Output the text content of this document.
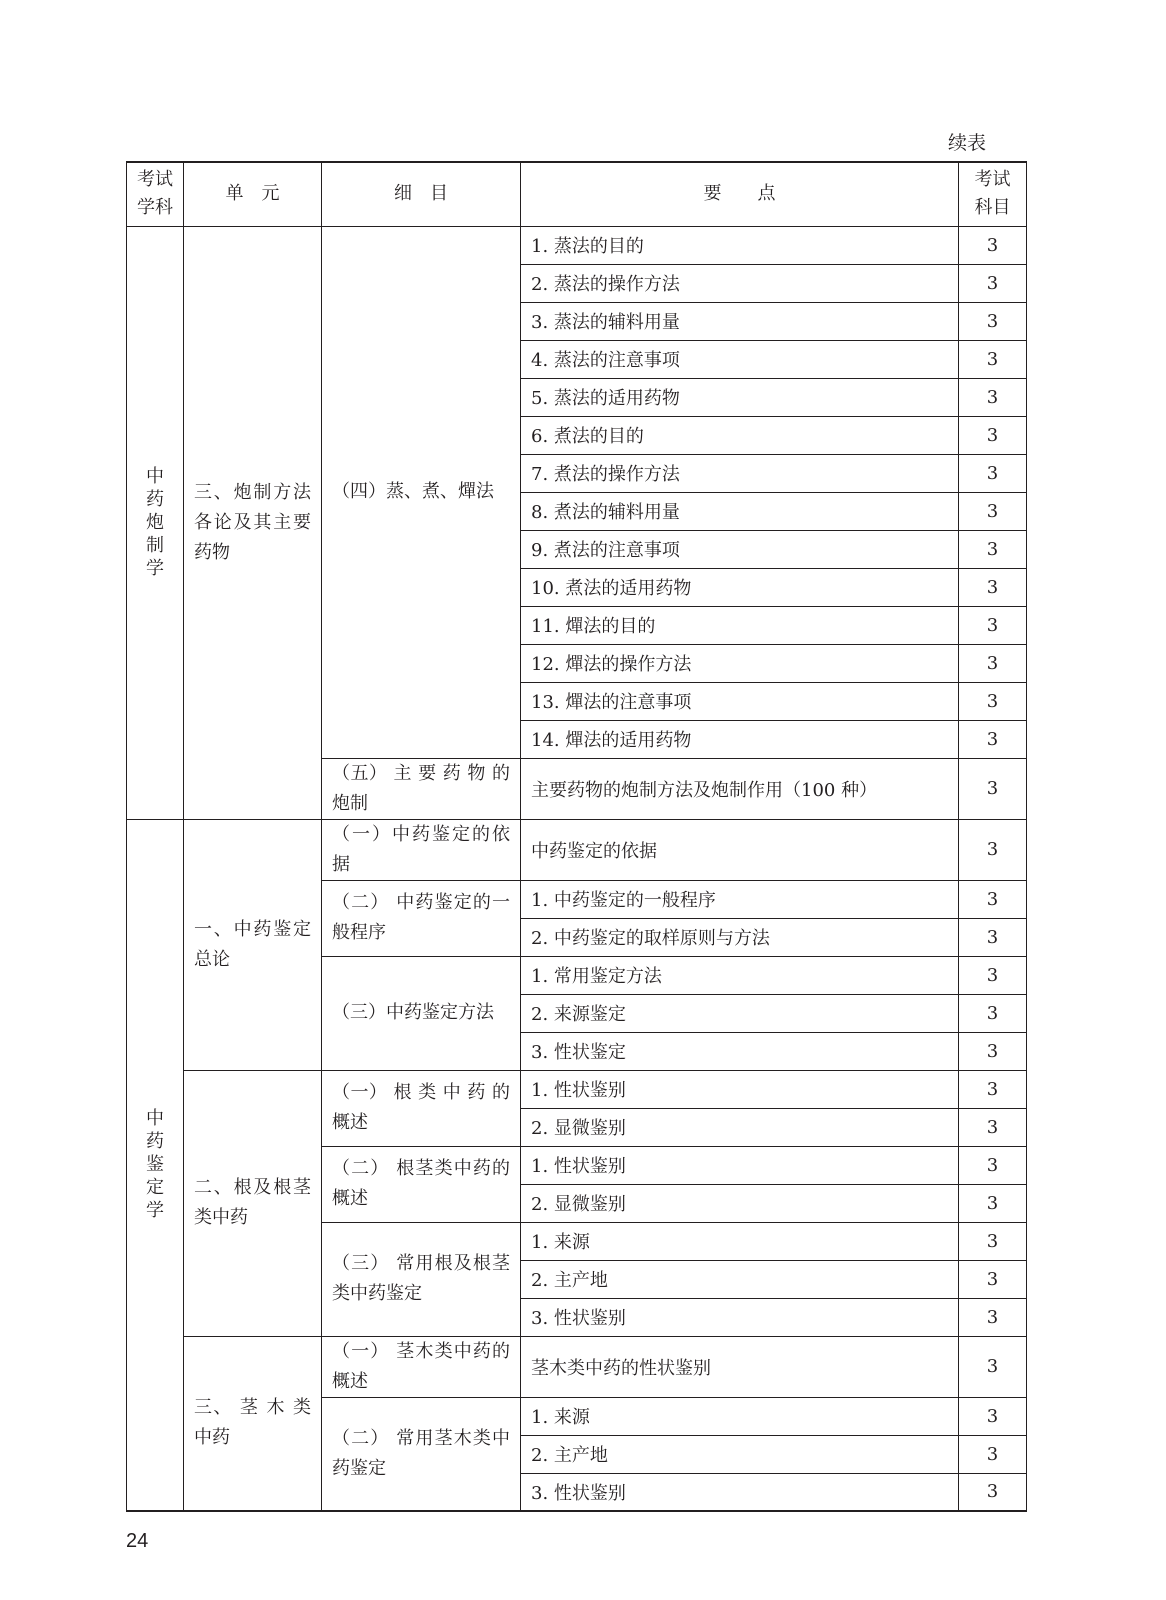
续表
考试学科	单　元	细　目	要　　点	考试科目
中药炮制学	三、炮制方法各论及其主要药物	（四）蒸、煮、燀法	1. 蒸法的目的	3
			2. 蒸法的操作方法	3
			3. 蒸法的辅料用量	3
			4. 蒸法的注意事项	3
			5. 蒸法的适用药物	3
			6. 煮法的目的	3
			7. 煮法的操作方法	3
			8. 煮法的辅料用量	3
			9. 煮法的注意事项	3
			10. 煮法的适用药物	3
			11. 燀法的目的	3
			12. 燀法的操作方法	3
			13. 燀法的注意事项	3
			14. 燀法的适用药物	3
		（五） 主 要 药 物 的炮制	主要药物的炮制方法及炮制作用（100 种）	3
中药鉴定学	一、中药鉴定总论	（一）中药鉴定的依据	中药鉴定的依据	3
		（二） 中药鉴定的一般程序	1. 中药鉴定的一般程序	3
			2. 中药鉴定的取样原则与方法	3
		（三）中药鉴定方法	1. 常用鉴定方法	3
			2. 来源鉴定	3
			3. 性状鉴定	3
	二、根及根茎类中药	（一） 根 类 中 药 的概述	1. 性状鉴别	3
			2. 显微鉴别	3
		（二） 根茎类中药的概述	1. 性状鉴别	3
			2. 显微鉴别	3
		（三） 常用根及根茎类中药鉴定	1. 来源	3
			2. 主产地	3
			3. 性状鉴别	3
	三、 茎 木 类中药	（一） 茎木类中药的概述	茎木类中药的性状鉴别	3
		（二） 常用茎木类中药鉴定	1. 来源	3
			2. 主产地	3
			3. 性状鉴别	3
24
